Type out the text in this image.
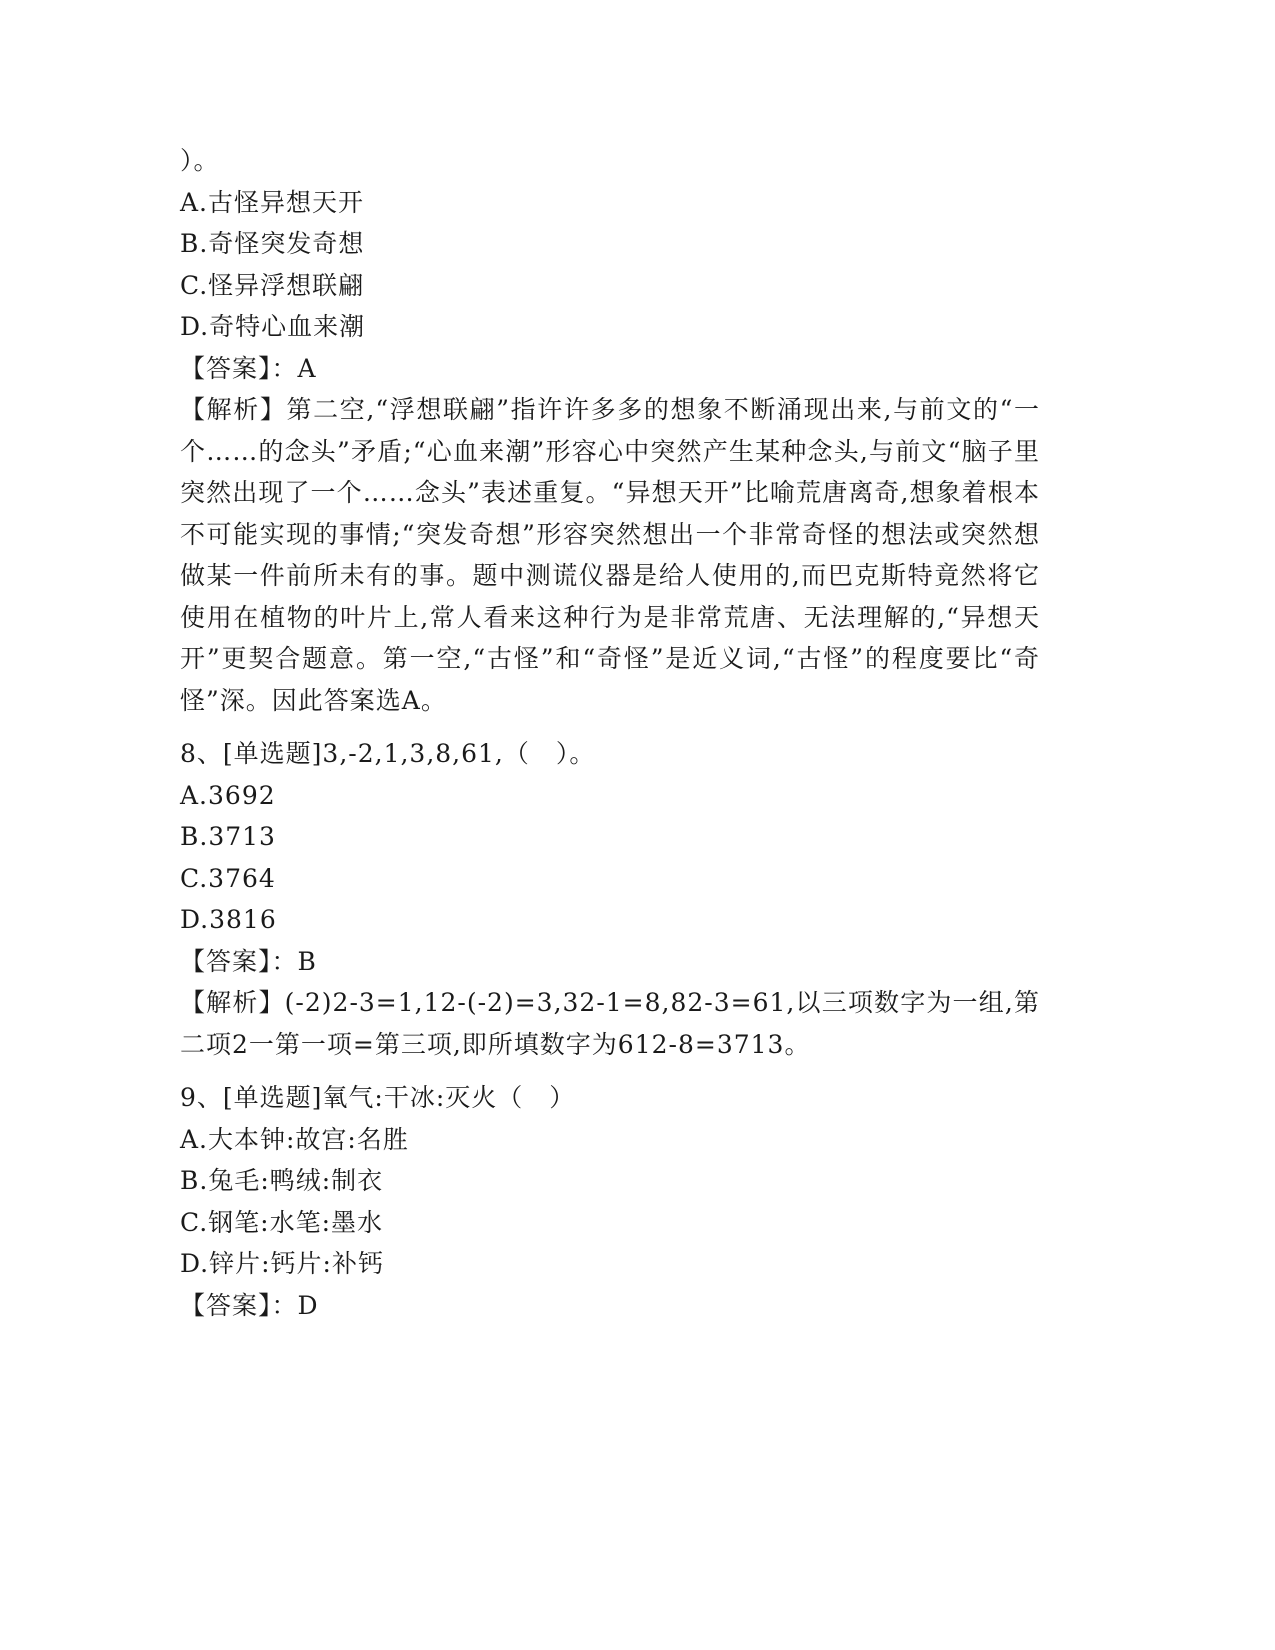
）。
A.古怪异想天开
B.奇怪突发奇想
C.怪异浮想联翩
D.奇特心血来潮
【答案】：A
【解析】第二空,“浮想联翩”指许许多多的想象不断涌现出来,与前文的“一个……的念头”矛盾;“心血来潮”形容心中突然产生某种念头,与前文“脑子里突然出现了一个……念头”表述重复。“异想天开”比喻荒唐离奇,想象着根本不可能实现的事情;“突发奇想”形容突然想出一个非常奇怪的想法或突然想做某一件前所未有的事。题中测谎仪器是给人使用的,而巴克斯特竟然将它使用在植物的叶片上,常人看来这种行为是非常荒唐、无法理解的,“异想天开”更契合题意。第一空,“古怪”和“奇怪”是近义词,“古怪”的程度要比“奇怪”深。因此答案选A。
8、[单选题]3,-2,1,3,8,61,（　）。
A.3692
B.3713
C.3764
D.3816
【答案】：B
【解析】(-2)2-3=1,12-(-2)=3,32-1=8,82-3=61,以三项数字为一组,第二项2一第一项=第三项,即所填数字为612-8=3713。
9、[单选题]氧气:干冰:灭火（　）
A.大本钟:故宫:名胜
B.兔毛:鸭绒:制衣
C.钢笔:水笔:墨水
D.锌片:钙片:补钙
【答案】：D
